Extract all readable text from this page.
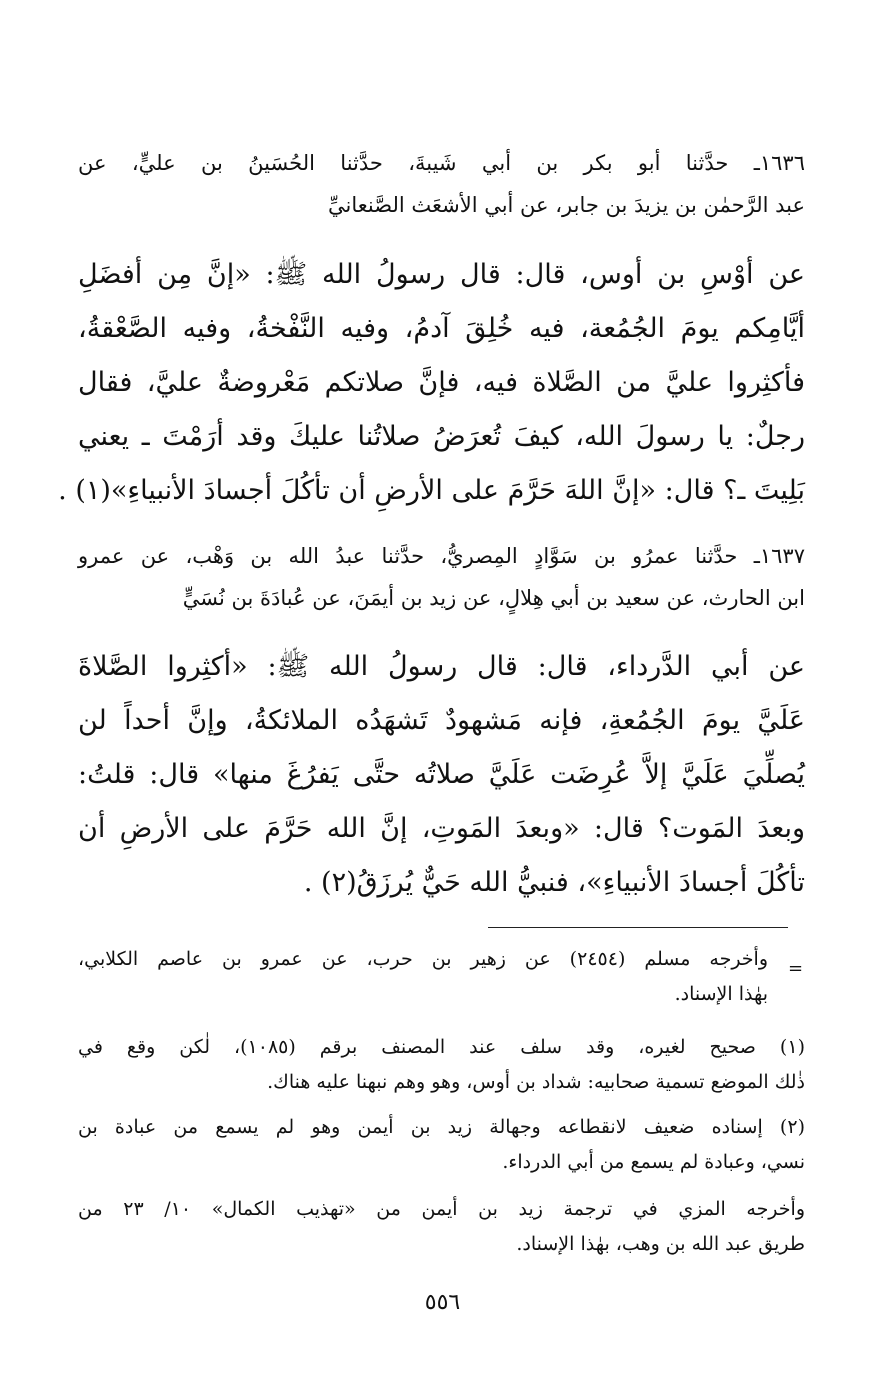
١٦٣٦ـ حدَّثنا أبو بكر بن أبي شَيبةَ، حدَّثنا الحُسَينُ بن عليٍّ، عن
عبد الرَّحمٰن بن يزيدَ بن جابر، عن أبي الأشعَث الصَّنعانيِّ
عن أوْسِ بن أوس، قال: قال رسولُ الله ﷺ: «إنَّ مِن أفضَلِ
أيَّامِكم يومَ الجُمُعة، فيه خُلِقَ آدمُ، وفيه النَّفْخةُ، وفيه الصَّعْقةُ،
فأكثِروا عليَّ من الصَّلاة فيه، فإنَّ صلاتكم مَعْروضةٌ عليَّ، فقال
رجلٌ: يا رسولَ الله، كيفَ تُعرَضُ صلاتُنا عليكَ وقد أرَمْتَ ـ يعني
بَلِيتَ ـ؟ قال: «إنَّ اللهَ حَرَّمَ على الأرضِ أن تأكُلَ أجسادَ الأنبياءِ»(١) .
١٦٣٧ـ حدَّثنا عمرُو بن سَوَّادٍ المِصريُّ، حدَّثنا عبدُ الله بن وَهْب، عن عمرو
ابن الحارث، عن سعيد بن أبي هِلالٍ، عن زيد بن أيمَنَ، عن عُبادَةَ بن نُسَيٍّ
عن أبي الدَّرداء، قال: قال رسولُ الله ﷺ: «أكثِروا الصَّلاةَ
عَلَيَّ يومَ الجُمُعةِ، فإنه مَشهودٌ تَشهَدُه الملائكةُ، وإنَّ أحداً لن
يُصلِّيَ عَلَيَّ إلاَّ عُرِضَت عَلَيَّ صلاتُه حتَّى يَفرُغَ منها» قال: قلتُ:
وبعدَ المَوت؟ قال: «وبعدَ المَوتِ، إنَّ الله حَرَّمَ على الأرضِ أن
تأكُلَ أجسادَ الأنبياءِ»، فنبيُّ الله حَيٌّ يُرزَقُ(٢) .
=
وأخرجه مسلم (٢٤٥٤) عن زهير بن حرب، عن عمرو بن عاصم الكلابي،
بهٰذا الإسناد.
(١) صحيح لغيره، وقد سلف عند المصنف برقم (١٠٨٥)، لٰكن وقع في
ذٰلك الموضع تسمية صحابيه: شداد بن أوس، وهو وهم نبهنا عليه هناك.
(٢) إسناده ضعيف لانقطاعه وجهالة زيد بن أيمن وهو لم يسمع من عبادة بن
نسي، وعبادة لم يسمع من أبي الدرداء.
وأخرجه المزي في ترجمة زيد بن أيمن من «تهذيب الكمال» ١٠/ ٢٣ من
طريق عبد الله بن وهب، بهٰذا الإسناد.
٥٥٦
